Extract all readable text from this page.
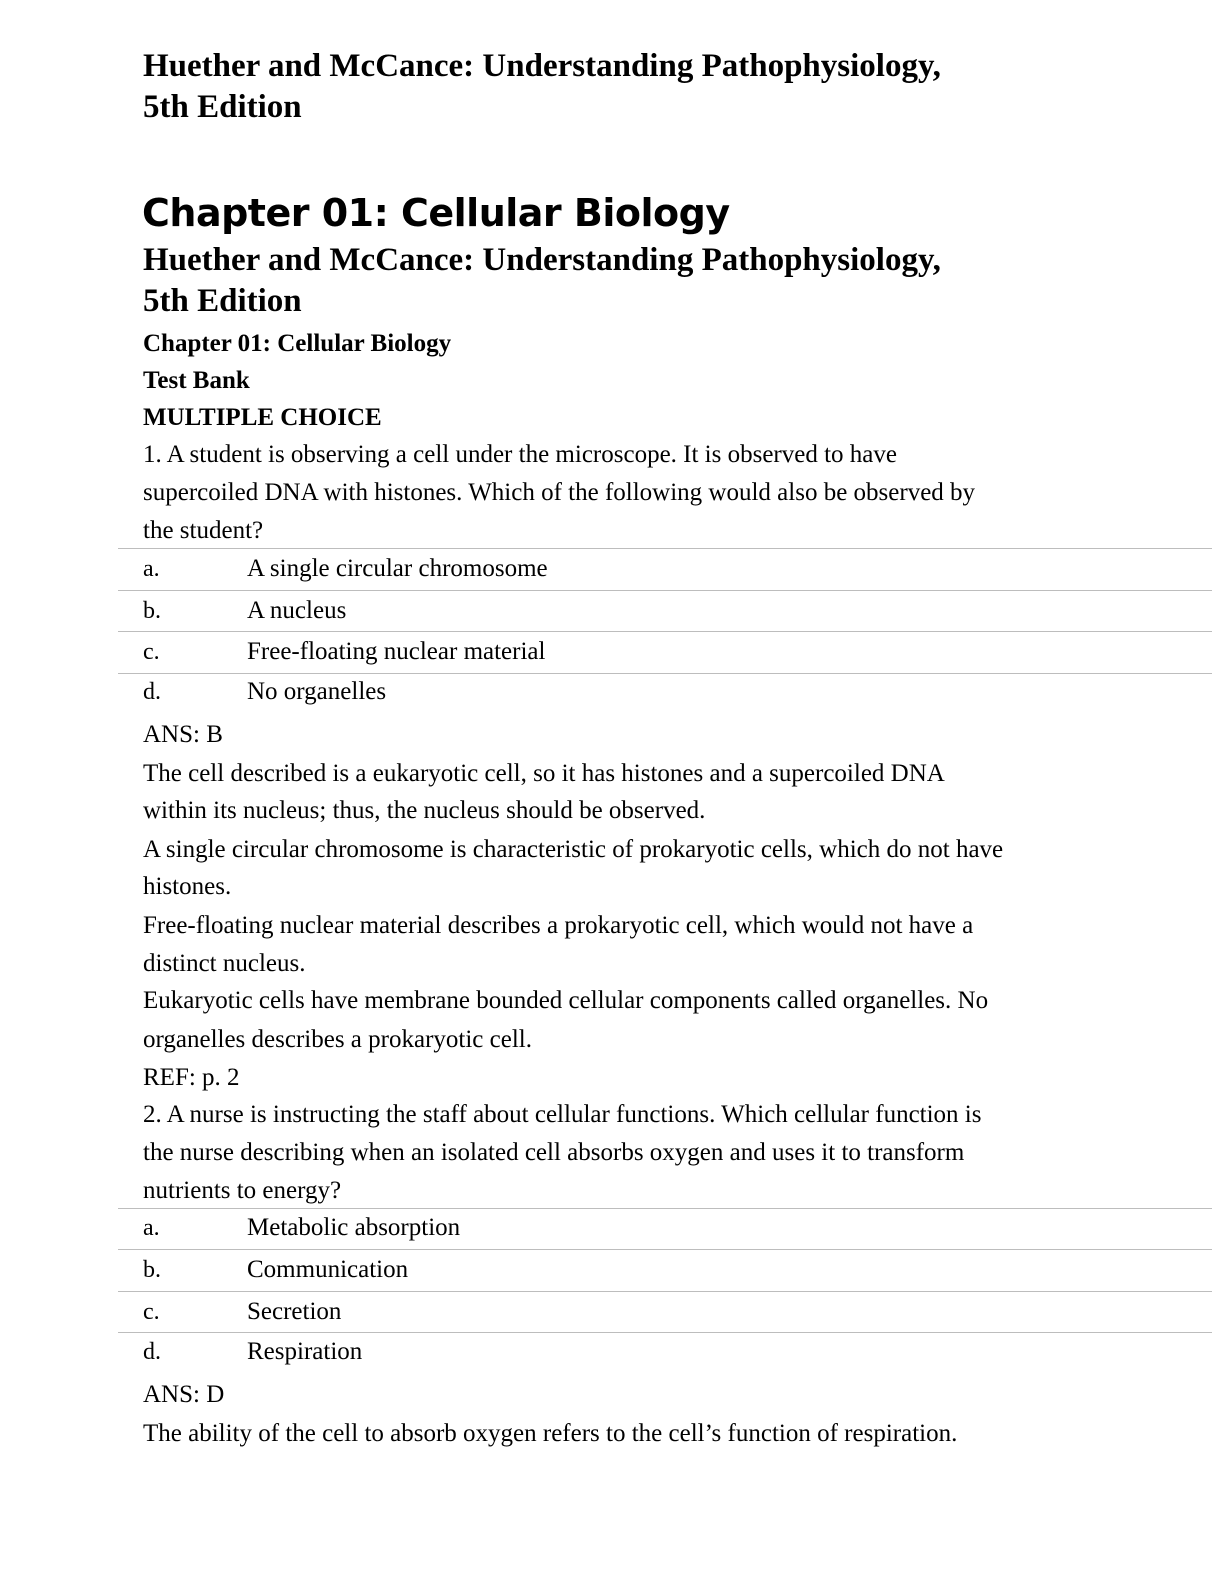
Huether and McCance: Understanding Pathophysiology,
5th Edition
Chapter 01: Cellular Biology
Huether and McCance: Understanding Pathophysiology,
5th Edition
Chapter 01: Cellular Biology
Test Bank
MULTIPLE CHOICE
1. A student is observing a cell under the microscope. It is observed to have
supercoiled DNA with histones. Which of the following would also be observed by
the student?
a.	A single circular chromosome
b.	A nucleus
c.	Free-floating nuclear material
d.	No organelles
ANS: B
The cell described is a eukaryotic cell, so it has histones and a supercoiled DNA
within its nucleus; thus, the nucleus should be observed.
A single circular chromosome is characteristic of prokaryotic cells, which do not have
histones.
Free-floating nuclear material describes a prokaryotic cell, which would not have a
distinct nucleus.
Eukaryotic cells have membrane bounded cellular components called organelles. No
organelles describes a prokaryotic cell.
REF: p. 2
2. A nurse is instructing the staff about cellular functions. Which cellular function is
the nurse describing when an isolated cell absorbs oxygen and uses it to transform
nutrients to energy?
a.	Metabolic absorption
b.	Communication
c.	Secretion
d.	Respiration
ANS: D
The ability of the cell to absorb oxygen refers to the cell’s function of respiration.
